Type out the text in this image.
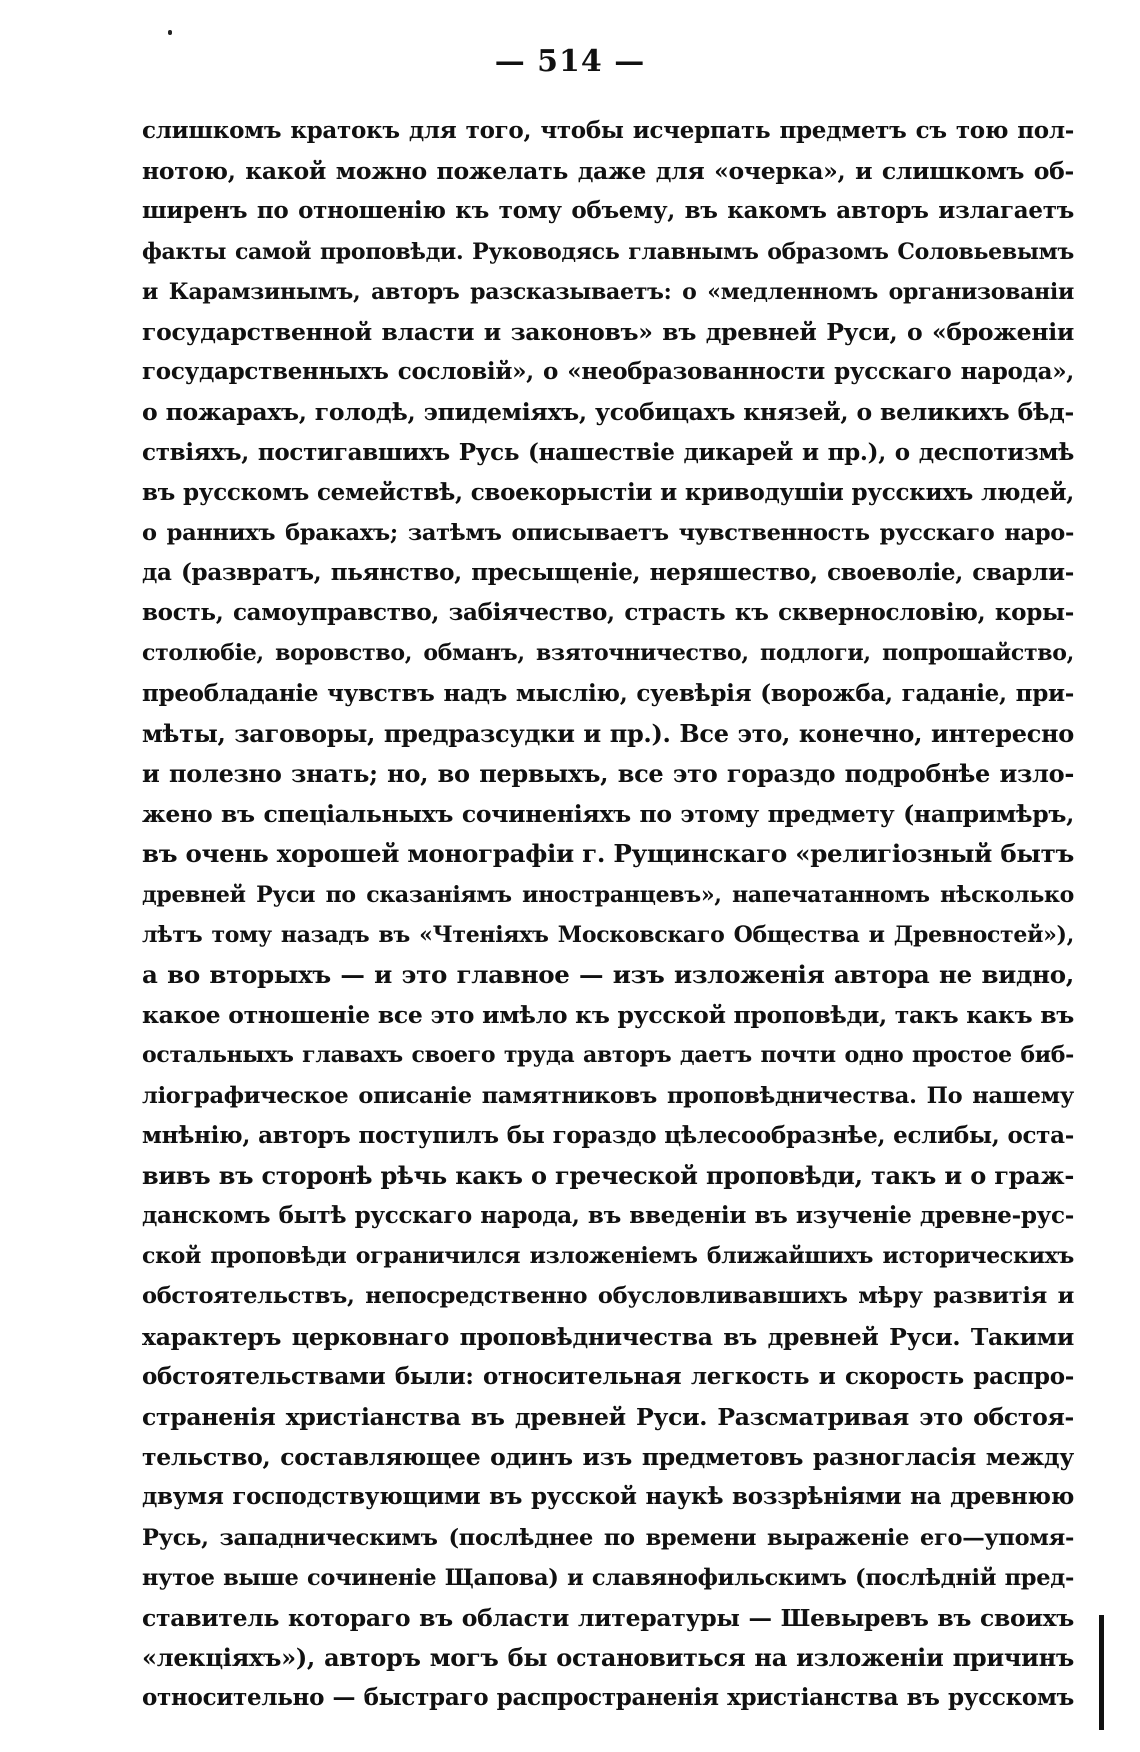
— 514 —
слишкомъ кратокъ для того, чтобы исчерпать предметъ съ тою пол-
нотою, какой можно пожелать даже для «очерка», и слишкомъ об-
ширенъ по отношенію къ тому объему, въ какомъ авторъ излагаетъ
факты самой проповѣди. Руководясь главнымъ образомъ Соловьевымъ
и Карамзинымъ, авторъ разсказываетъ: о «медленномъ организованіи
государственной власти и законовъ» въ древней Руси, о «броженіи
государственныхъ сословій», о «необразованности русскаго народа»,
о пожарахъ, голодѣ, эпидеміяхъ, усобицахъ князей, о великихъ бѣд-
ствіяхъ, постигавшихъ Русь (нашествіе дикарей и пр.), о деспотизмѣ
въ русскомъ семействѣ, своекорыстіи и криводушіи русскихъ людей,
о раннихъ бракахъ; затѣмъ описываетъ чувственность русскаго наро-
да (развратъ, пьянство, пресыщеніе, неряшество, своеволіе, сварли-
вость, самоуправство, забіячество, страсть къ сквернословію, коры-
столюбіе, воровство, обманъ, взяточничество, подлоги, попрошайство,
преобладаніе чувствъ надъ мыслію, суевѣрія (ворожба, гаданіе, при-
мѣты, заговоры, предразсудки и пр.). Все это, конечно, интересно
и полезно знать; но, во первыхъ, все это гораздо подробнѣе изло-
жено въ спеціальныхъ сочиненіяхъ по этому предмету (напримѣръ,
въ очень хорошей монографіи г. Рущинскаго «религіозный бытъ
древней Руси по сказаніямъ иностранцевъ», напечатанномъ нѣсколько
лѣтъ тому назадъ въ «Чтеніяхъ Московскаго Общества и Древностей»),
а во вторыхъ — и это главное — изъ изложенія автора не видно,
какое отношеніе все это имѣло къ русской проповѣди, такъ какъ въ
остальныхъ главахъ своего труда авторъ даетъ почти одно простое биб-
ліографическое описаніе памятниковъ проповѣдничества. По нашему
мнѣнію, авторъ поступилъ бы гораздо цѣлесообразнѣе, еслибы, оста-
вивъ въ сторонѣ рѣчь какъ о греческой проповѣди, такъ и о граж-
данскомъ бытѣ русскаго народа, въ введеніи въ изученіе древне-рус-
ской проповѣди ограничился изложеніемъ ближайшихъ историческихъ
обстоятельствъ, непосредственно обусловливавшихъ мѣру развитія и
характеръ церковнаго проповѣдничества въ древней Руси. Такими
обстоятельствами были: относительная легкость и скорость распро-
страненія христіанства въ древней Руси. Разсматривая это обстоя-
тельство, составляющее одинъ изъ предметовъ разногласія между
двумя господствующими въ русской наукѣ воззрѣніями на древнюю
Русь, западническимъ (послѣднее по времени выраженіе его—упомя-
нутое выше сочиненіе Щапова) и славянофильскимъ (послѣдній пред-
ставитель котораго въ области литературы — Шевыревъ въ своихъ
«лекціяхъ»), авторъ могъ бы остановиться на изложеніи причинъ
относительно — быстраго распространенія христіанства въ русскомъ
